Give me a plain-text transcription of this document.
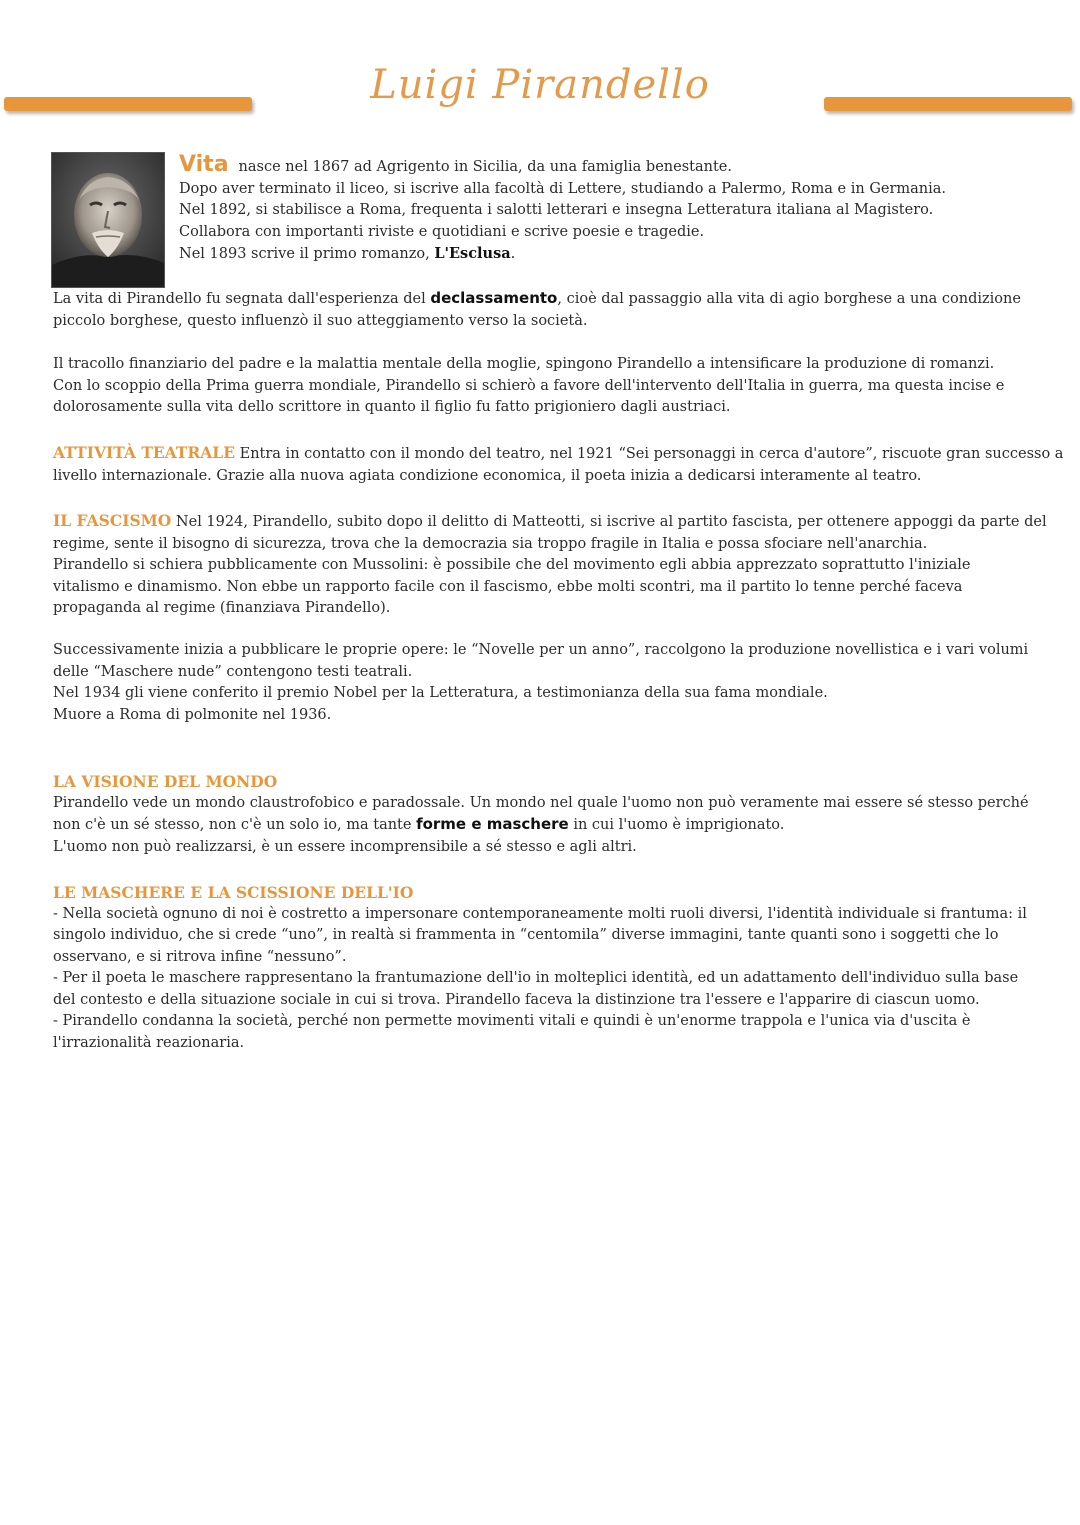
Luigi Pirandello
Vita nasce nel 1867 ad Agrigento in Sicilia, da una famiglia benestante.
Dopo aver terminato il liceo, si iscrive alla facoltà di Lettere, studiando a Palermo, Roma e in Germania.
Nel 1892, si stabilisce a Roma, frequenta i salotti letterari e insegna Letteratura italiana al Magistero.
Collabora con importanti riviste e quotidiani e scrive poesie e tragedie.
Nel 1893 scrive il primo romanzo, L'Esclusa.
La vita di Pirandello fu segnata dall'esperienza del declassamento, cioè dal passaggio alla vita di agio borghese a una condizione
piccolo borghese, questo influenzò il suo atteggiamento verso la società.
Il tracollo finanziario del padre e la malattia mentale della moglie, spingono Pirandello a intensificare la produzione di romanzi.
Con lo scoppio della Prima guerra mondiale, Pirandello si schierò a favore dell'intervento dell'Italia in guerra, ma questa incise e
dolorosamente sulla vita dello scrittore in quanto il figlio fu fatto prigioniero dagli austriaci.
ATTIVITÀ TEATRALE Entra in contatto con il mondo del teatro, nel 1921 “Sei personaggi in cerca d'autore”, riscuote gran successo a
livello internazionale. Grazie alla nuova agiata condizione economica, il poeta inizia a dedicarsi interamente al teatro.
IL FASCISMO Nel 1924, Pirandello, subito dopo il delitto di Matteotti, si iscrive al partito fascista, per ottenere appoggi da parte del
regime, sente il bisogno di sicurezza, trova che la democrazia sia troppo fragile in Italia e possa sfociare nell'anarchia.
Pirandello si schiera pubblicamente con Mussolini: è possibile che del movimento egli abbia apprezzato soprattutto l'iniziale
vitalismo e dinamismo. Non ebbe un rapporto facile con il fascismo, ebbe molti scontri, ma il partito lo tenne perché faceva
propaganda al regime (finanziava Pirandello).
Successivamente inizia a pubblicare le proprie opere: le “Novelle per un anno”, raccolgono la produzione novellistica e i vari volumi
delle “Maschere nude” contengono testi teatrali.
Nel 1934 gli viene conferito il premio Nobel per la Letteratura, a testimonianza della sua fama mondiale.
Muore a Roma di polmonite nel 1936.
LA VISIONE DEL MONDO
Pirandello vede un mondo claustrofobico e paradossale. Un mondo nel quale l'uomo non può veramente mai essere sé stesso perché
non c'è un sé stesso, non c'è un solo io, ma tante forme e maschere in cui l'uomo è imprigionato.
L'uomo non può realizzarsi, è un essere incomprensibile a sé stesso e agli altri.
LE MASCHERE E LA SCISSIONE DELL'IO
- Nella società ognuno di noi è costretto a impersonare contemporaneamente molti ruoli diversi, l'identità individuale si frantuma: il
singolo individuo, che si crede “uno”, in realtà si frammenta in “centomila” diverse immagini, tante quanti sono i soggetti che lo
osservano, e si ritrova infine “nessuno”.
- Per il poeta le maschere rappresentano la frantumazione dell'io in molteplici identità, ed un adattamento dell'individuo sulla base
del contesto e della situazione sociale in cui si trova. Pirandello faceva la distinzione tra l'essere e l'apparire di ciascun uomo.
- Pirandello condanna la società, perché non permette movimenti vitali e quindi è un'enorme trappola e l'unica via d'uscita è
l'irrazionalità reazionaria.
